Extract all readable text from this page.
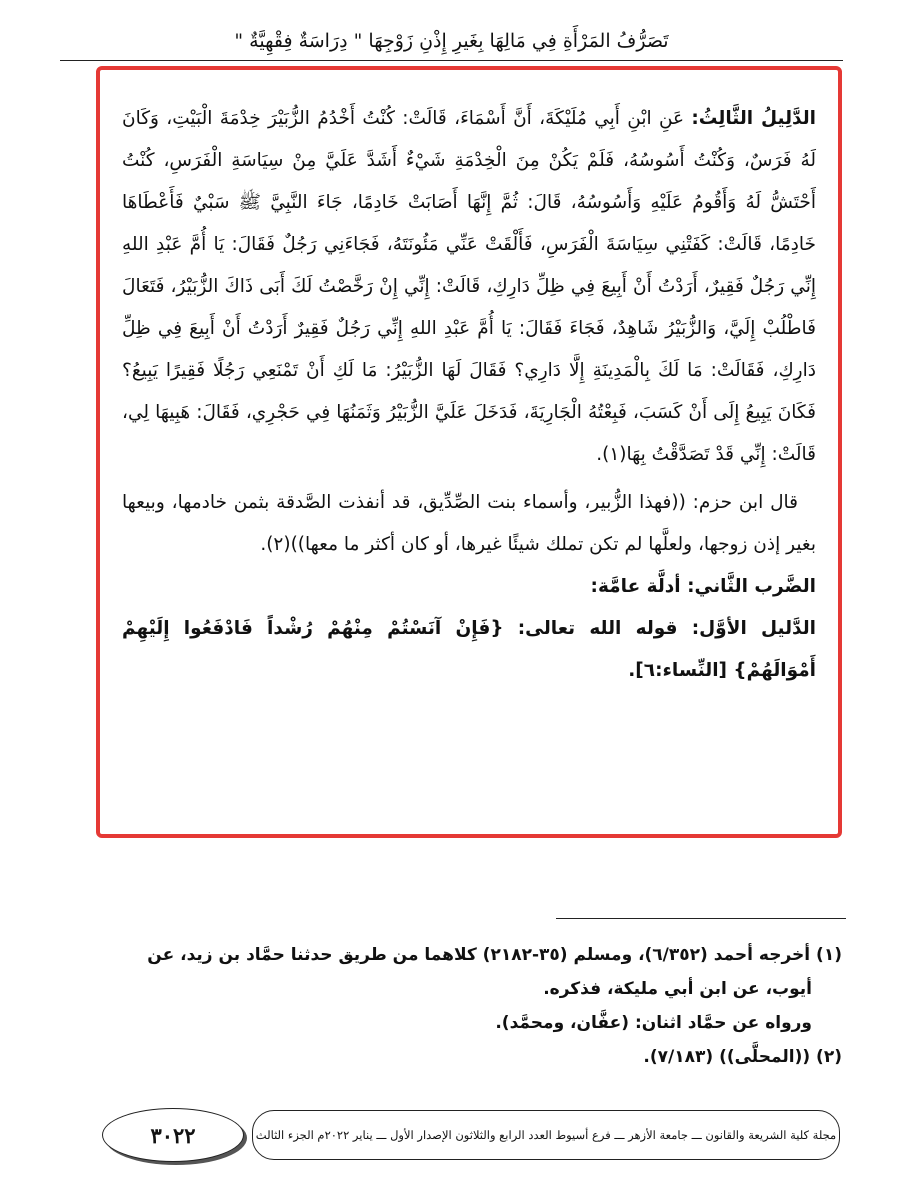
تَصَرُّفُ المَرْأَةِ فِي مَالِهَا بِغَيرِ إِذْنِ زَوْجِهَا " دِرَاسَةٌ فِقْهِيَّةٌ "

الدَّلِيلُ الثَّالِثُ: عَنِ ابْنِ أَبِي مُلَيْكَةَ، أَنَّ أَسْمَاءَ، قَالَتْ: كُنْتُ أَخْدُمُ الزُّبَيْرَ خِدْمَةَ الْبَيْتِ، وَكَانَ لَهُ فَرَسٌ، وَكُنْتُ أَسُوسُهُ، فَلَمْ يَكُنْ مِنَ الْخِدْمَةِ شَيْءٌ أَشَدَّ عَلَيَّ مِنْ سِيَاسَةِ الْفَرَسِ، كُنْتُ أَحْتَشُّ لَهُ وَأَقُومُ عَلَيْهِ وَأَسُوسُهُ، قَالَ: ثُمَّ إِنَّهَا أَصَابَتْ خَادِمًا، جَاءَ النَّبِيَّ ﷺ سَبْيٌ فَأَعْطَاهَا خَادِمًا، قَالَتْ: كَفَتْنِي سِيَاسَةَ الْفَرَسِ، فَأَلْقَتْ عَنِّي مَئُونَتَهُ، فَجَاءَنِي رَجُلٌ فَقَالَ: يَا أُمَّ عَبْدِ اللهِ إِنِّي رَجُلٌ فَقِيرٌ، أَرَدْتُ أَنْ أَبِيعَ فِي ظِلِّ دَارِكِ، قَالَتْ: إِنِّي إِنْ رَخَّصْتُ لَكَ أَبَى ذَاكَ الزُّبَيْرُ، فَتَعَالَ فَاطْلُبْ إِلَيَّ، وَالزُّبَيْرُ شَاهِدٌ، فَجَاءَ فَقَالَ: يَا أُمَّ عَبْدِ اللهِ إِنِّي رَجُلٌ فَقِيرٌ أَرَدْتُ أَنْ أَبِيعَ فِي ظِلِّ دَارِكِ، فَقَالَتْ: مَا لَكَ بِالْمَدِينَةِ إِلَّا دَارِي؟ فَقَالَ لَهَا الزُّبَيْرُ: مَا لَكِ أَنْ تَمْنَعِي رَجُلًا فَقِيرًا يَبِيعُ؟ فَكَانَ يَبِيعُ إِلَى أَنْ كَسَبَ، فَبِعْتُهُ الْجَارِيَةَ، فَدَخَلَ عَلَيَّ الزُّبَيْرُ وَثَمَنُهَا فِي حَجْرِي، فَقَالَ: هَبِيهَا لِي، قَالَتْ: إِنِّي قَدْ تَصَدَّقْتُ بِهَا(١).

قال ابن حزم: ((فهذا الزُّبير، وأسماء بنت الصِّدِّيق، قد أنفذت الصَّدقة بثمن خادمها، وبيعها بغير إذن زوجها، ولعلَّها لم تكن تملك شيئًا غيرها، أو كان أكثر ما معها))(٢).

الضَّرب الثَّاني: أدلَّة عامَّة:

الدَّليل الأوَّل: قوله الله تعالى: {فَإِنْ آنَسْتُمْ مِنْهُمْ رُشْداً فَادْفَعُوا إِلَيْهِمْ أَمْوَالَهُمْ} [النِّساء:٦].

(١) أخرجه أحمد (٦/٣٥٢)، ومسلم (٣٥-٢١٨٢) كلاهما من طريق حدثنا حمَّاد بن زيد، عن

أيوب، عن ابن أبي مليكة، فذكره.

ورواه عن حمَّاد اثنان: (عفَّان، ومحمَّد).

(٢) ((المحلَّى)) (٧/١٨٣).

مجلة كلية الشريعة والقانون ـــ جامعة الأزهر ـــ فرع أسيوط العدد الرابع والثلاثون الإصدار الأول ـــ يناير ٢٠٢٢م الجزء الثالث
٣٠٢٢
